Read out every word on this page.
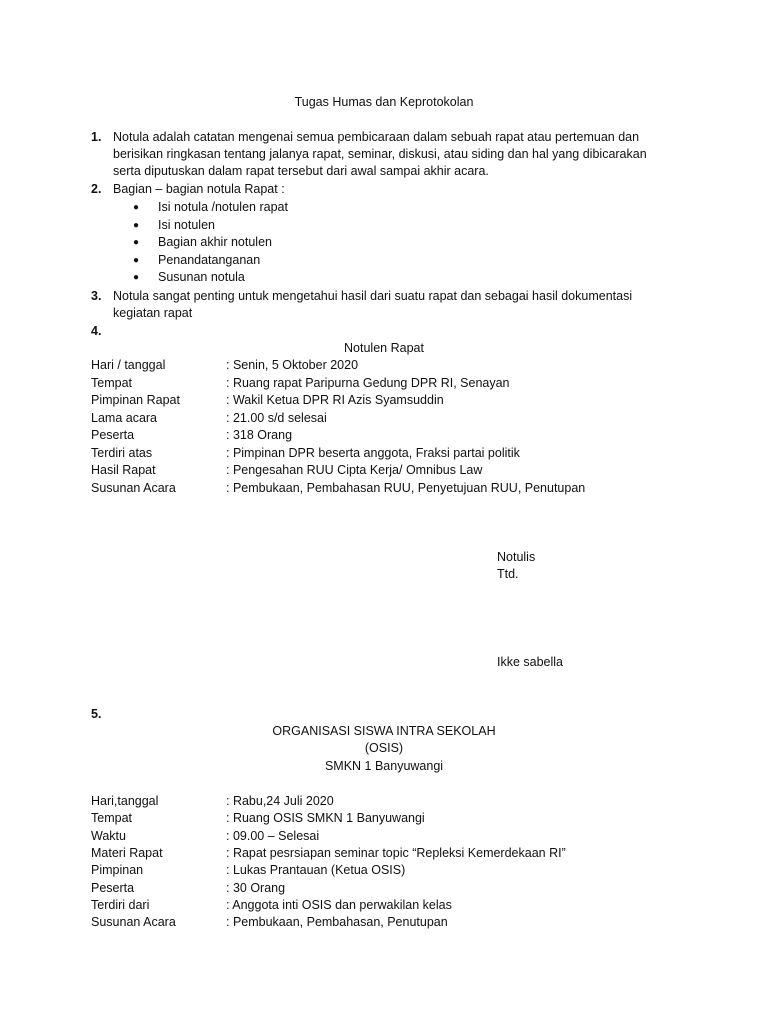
Tugas Humas dan Keprotokolan
1. Notula adalah catatan mengenai semua pembicaraan dalam sebuah rapat atau pertemuan dan
berisikan ringkasan tentang jalanya rapat, seminar, diskusi, atau siding dan hal yang dibicarakan
serta diputuskan dalam rapat tersebut dari awal sampai akhir acara.
2. Bagian – bagian notula Rapat :
● Isi notula /notulen rapat
● Isi notulen
● Bagian akhir notulen
● Penandatanganan
● Susunan notula
3. Notula sangat penting untuk mengetahui hasil dari suatu rapat dan sebagai hasil dokumentasi
kegiatan rapat
4.
Notulen Rapat
Hari / tanggal	: Senin, 5 Oktober 2020
Tempat	: Ruang rapat Paripurna Gedung DPR RI, Senayan
Pimpinan Rapat	: Wakil Ketua DPR RI Azis Syamsuddin
Lama acara	: 21.00 s/d selesai
Peserta	: 318 Orang
Terdiri atas	: Pimpinan DPR beserta anggota, Fraksi partai politik
Hasil Rapat	: Pengesahan RUU Cipta Kerja/ Omnibus Law
Susunan Acara	: Pembukaan, Pembahasan RUU, Penyetujuan RUU, Penutupan
Notulis
Ttd.
Ikke sabella
5.
ORGANISASI SISWA INTRA SEKOLAH
(OSIS)
SMKN 1 Banyuwangi
Hari,tanggal	: Rabu,24 Juli 2020
Tempat	: Ruang OSIS SMKN 1 Banyuwangi
Waktu	: 09.00 – Selesai
Materi Rapat	: Rapat pesrsiapan seminar topic “Repleksi Kemerdekaan RI”
Pimpinan	: Lukas Prantauan (Ketua OSIS)
Peserta	: 30 Orang
Terdiri dari	: Anggota inti OSIS dan perwakilan kelas
Susunan Acara	: Pembukaan, Pembahasan, Penutupan
